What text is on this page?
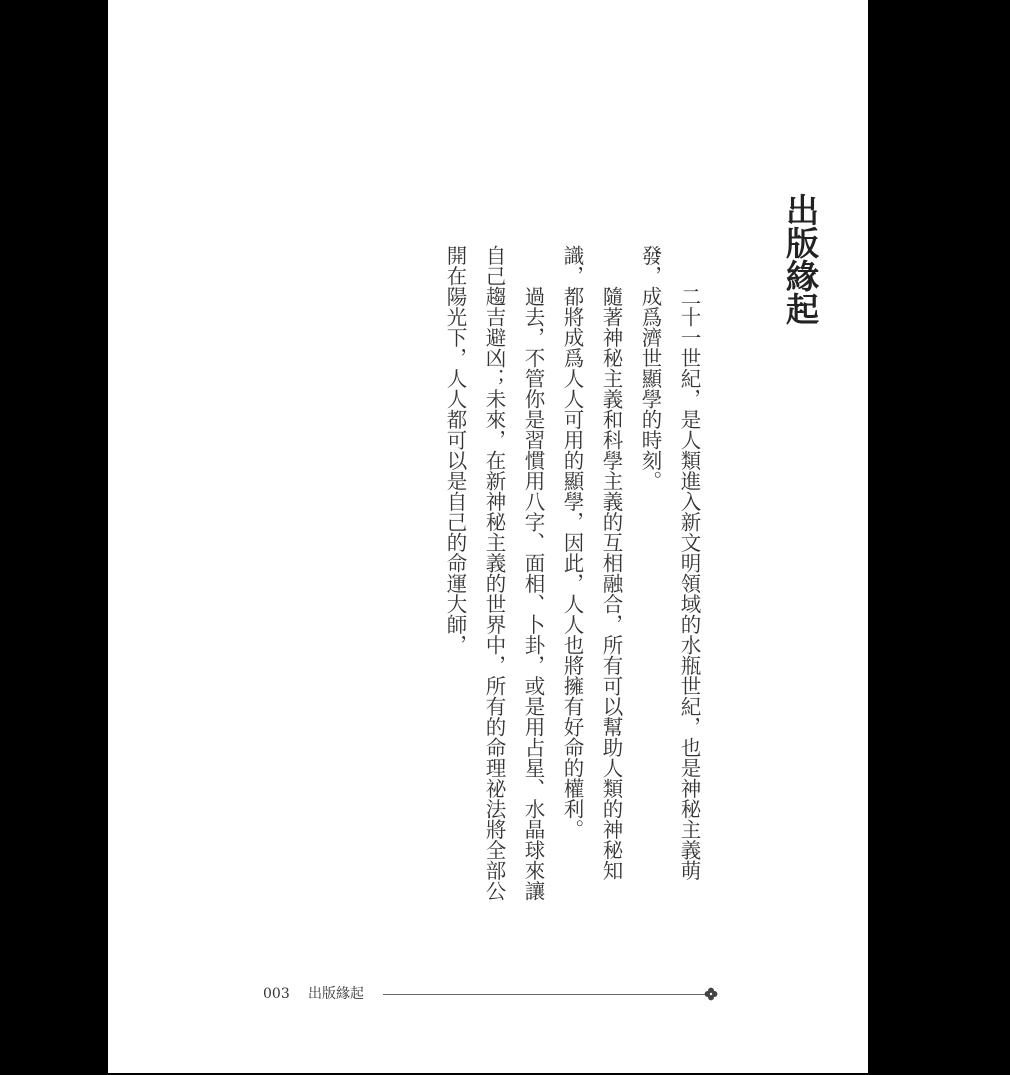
出版緣起

二十一世紀，是人類進入新文明領域的水瓶世紀，也是神秘主義萌發，成爲濟世顯學的時刻。

隨著神秘主義和科學主義的互相融合，所有可以幫助人類的神秘知識，都將成爲人人可用的顯學，因此，人人也將擁有好命的權利。

過去，不管你是習慣用八字、面相、卜卦，或是用占星、水晶球來讓自己趨吉避凶；未來，在新神秘主義的世界中，所有的命理祕法將全部公開在陽光下，人人都可以是自己的命運大師，

003 出版緣起
